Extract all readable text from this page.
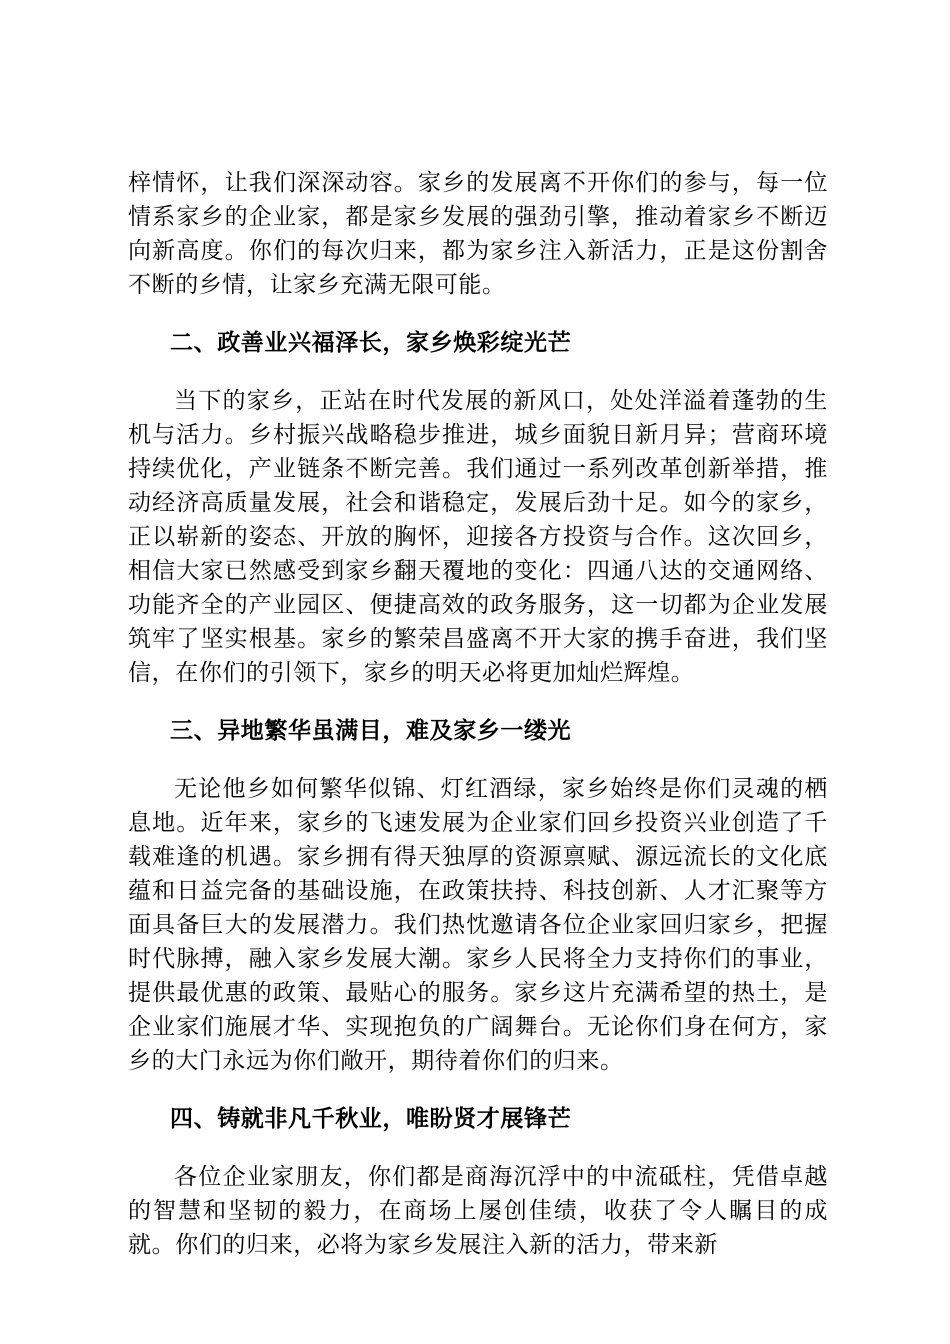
梓情怀，让我们深深动容。家乡的发展离不开你们的参与，每一位情系家乡的企业家，都是家乡发展的强劲引擎，推动着家乡不断迈向新高度。你们的每次归来，都为家乡注入新活力，正是这份割舍不断的乡情，让家乡充满无限可能。

二、政善业兴福泽长，家乡焕彩绽光芒

当下的家乡，正站在时代发展的新风口，处处洋溢着蓬勃的生机与活力。乡村振兴战略稳步推进，城乡面貌日新月异；营商环境持续优化，产业链条不断完善。我们通过一系列改革创新举措，推动经济高质量发展，社会和谐稳定，发展后劲十足。如今的家乡，正以崭新的姿态、开放的胸怀，迎接各方投资与合作。这次回乡，相信大家已然感受到家乡翻天覆地的变化：四通八达的交通网络、功能齐全的产业园区、便捷高效的政务服务，这一切都为企业发展筑牢了坚实根基。家乡的繁荣昌盛离不开大家的携手奋进，我们坚信，在你们的引领下，家乡的明天必将更加灿烂辉煌。

三、异地繁华虽满目，难及家乡一缕光

无论他乡如何繁华似锦、灯红酒绿，家乡始终是你们灵魂的栖息地。近年来，家乡的飞速发展为企业家们回乡投资兴业创造了千载难逢的机遇。家乡拥有得天独厚的资源禀赋、源远流长的文化底蕴和日益完备的基础设施，在政策扶持、科技创新、人才汇聚等方面具备巨大的发展潜力。我们热忱邀请各位企业家回归家乡，把握时代脉搏，融入家乡发展大潮。家乡人民将全力支持你们的事业，提供最优惠的政策、最贴心的服务。家乡这片充满希望的热土，是企业家们施展才华、实现抱负的广阔舞台。无论你们身在何方，家乡的大门永远为你们敞开，期待着你们的归来。

四、铸就非凡千秋业，唯盼贤才展锋芒

各位企业家朋友，你们都是商海沉浮中的中流砥柱，凭借卓越的智慧和坚韧的毅力，在商场上屡创佳绩，收获了令人瞩目的成就。你们的归来，必将为家乡发展注入新的活力，带来新
